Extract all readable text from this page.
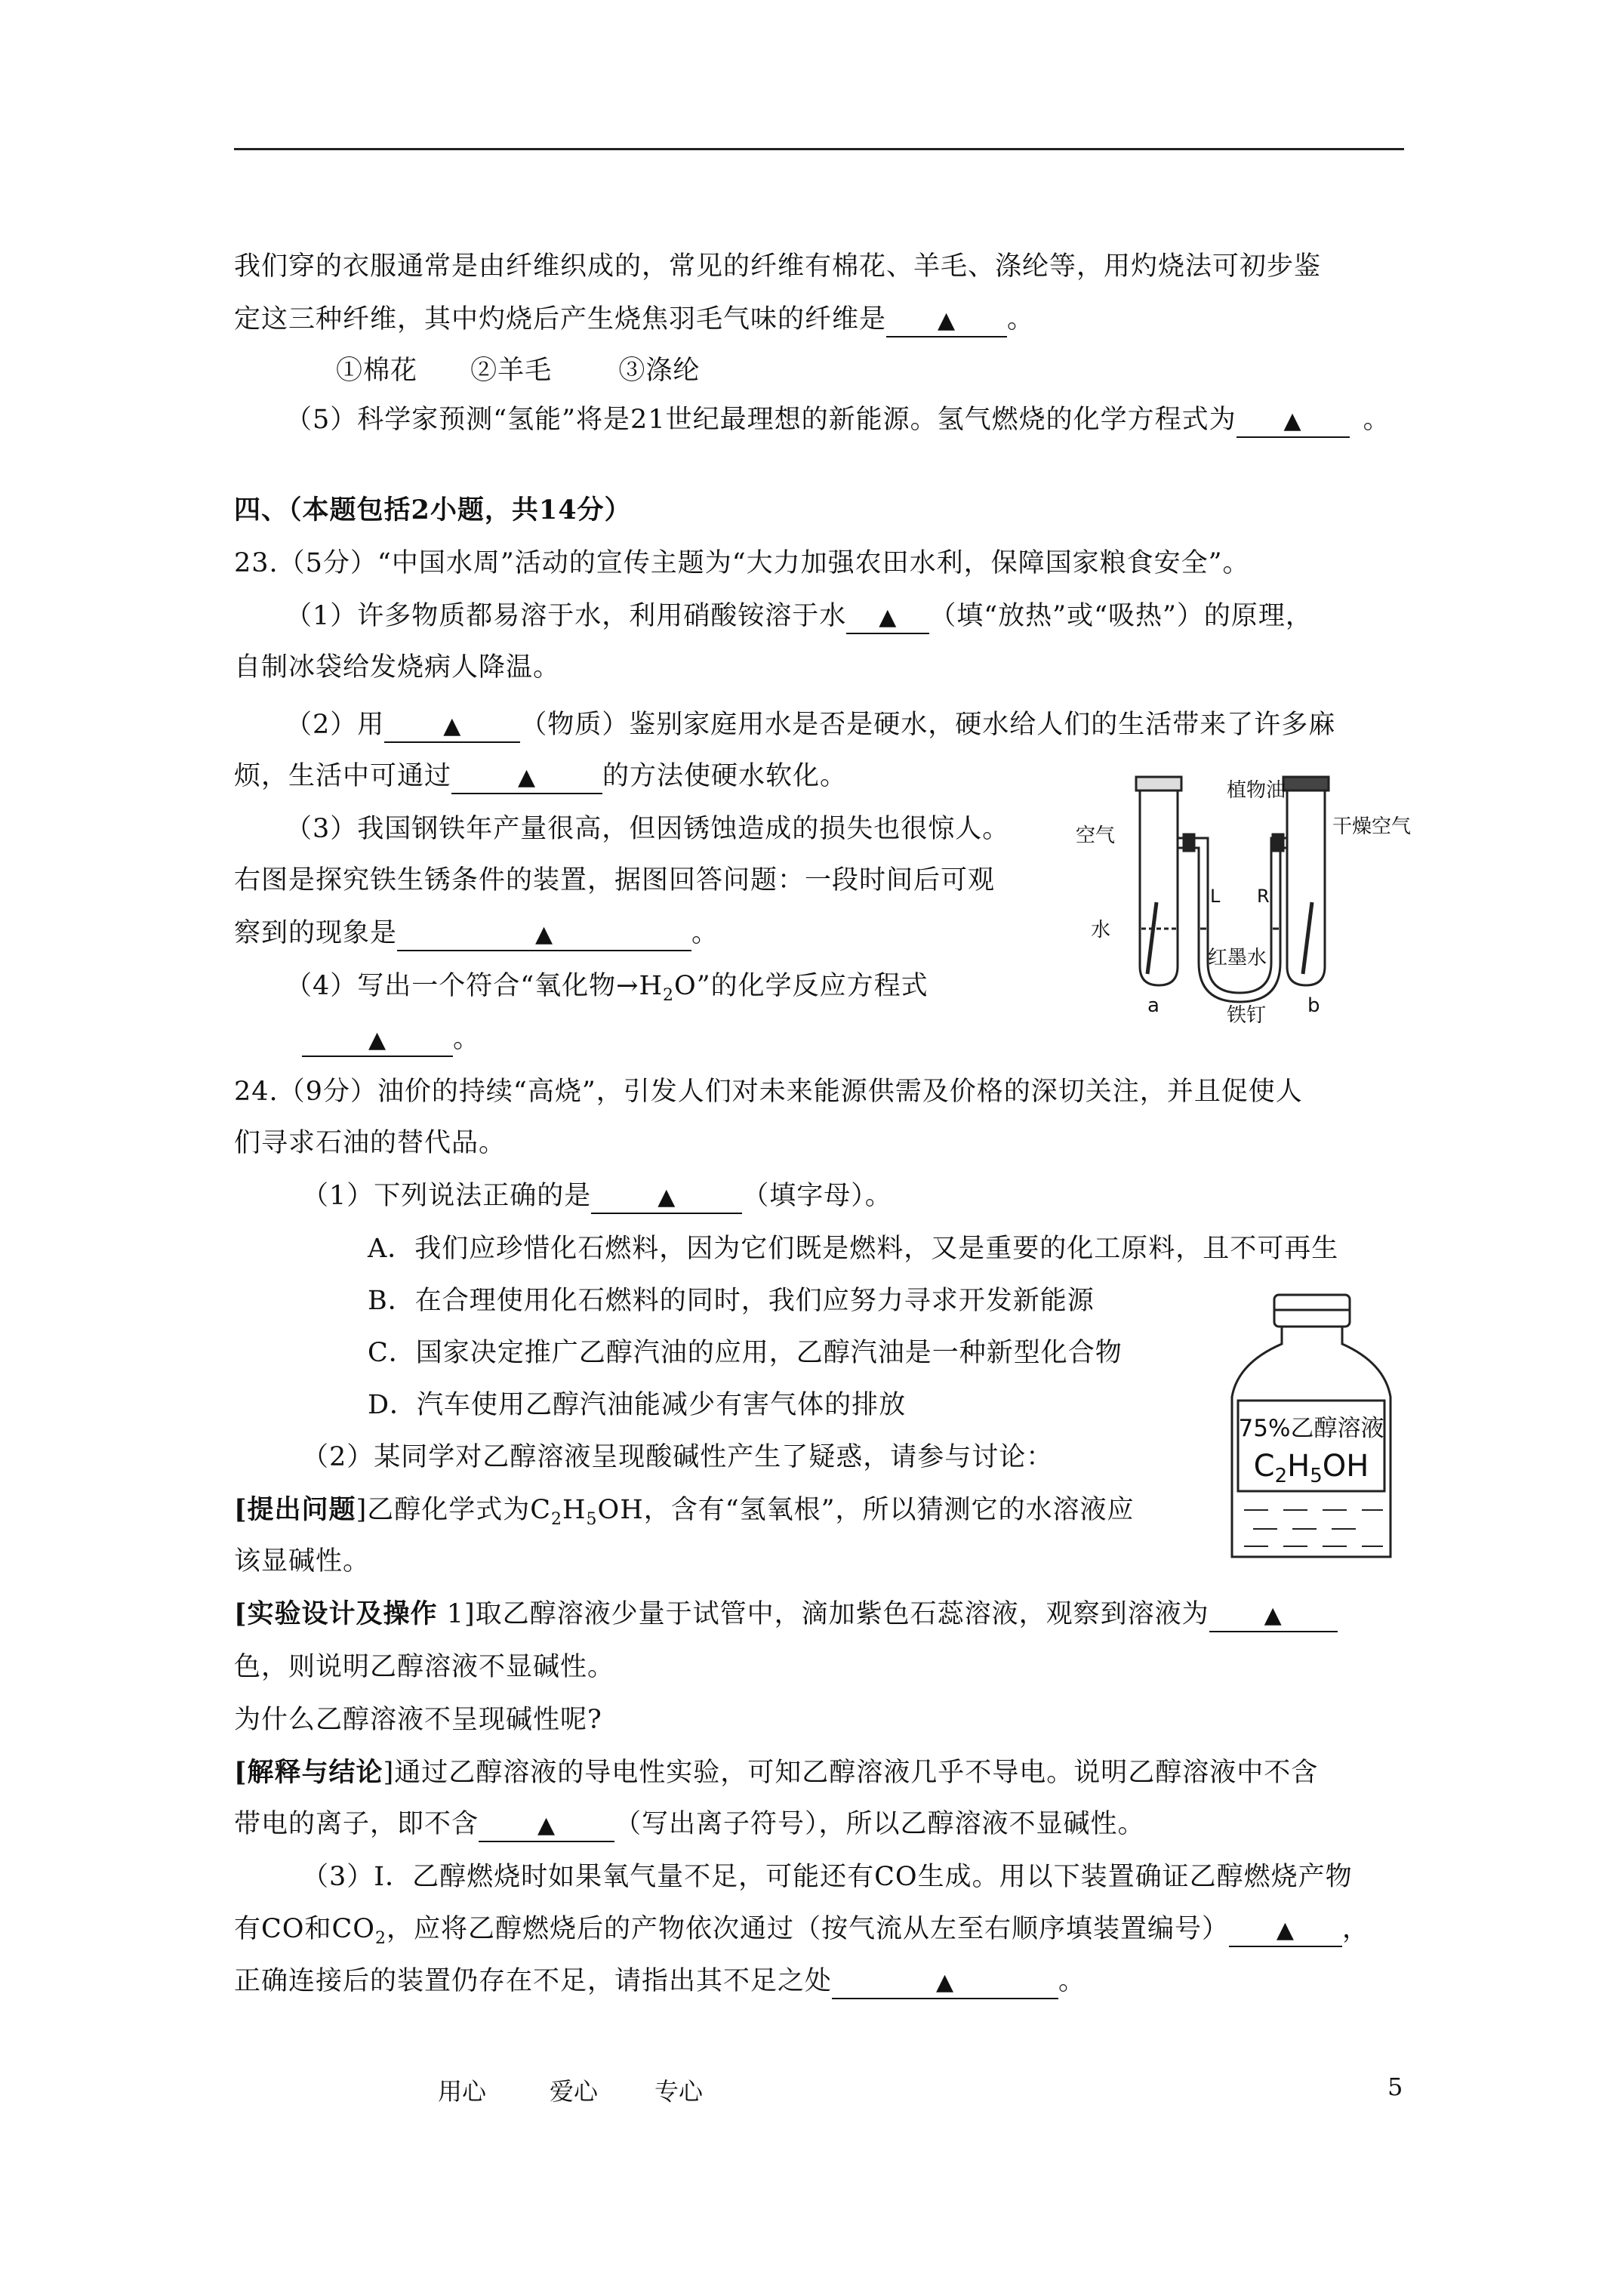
我们穿的衣服通常是由纤维织成的，常见的纤维有棉花、羊毛、涤纶等，用灼烧法可初步鉴
定这三种纤维，其中灼烧后产生烧焦羽毛气味的纤维是 ▲ 。
①棉花 ②羊毛	③涤纶
（5）科学家预测“氢能”将是21世纪最理想的新能源。氢气燃烧的化学方程式为 ▲ 。
四、（本题包括2小题，共14分）
23.（5分）“中国水周”活动的宣传主题为“大力加强农田水利，保障国家粮食安全”。
（1）许多物质都易溶于水，利用硝酸铵溶于水 ▲ （填“放热”或“吸热”）的原理，
自制冰袋给发烧病人降温。
（2）用	▲ （物质）鉴别家庭用水是否是硬水，硬水给人们的生活带来了许多麻
烦，生活中可通过	▲	的方法使硬水软化。
（3）我国钢铁年产量很高，但因锈蚀造成的损失也很惊人。
右图是探究铁生锈条件的装置，据图回答问题：一段时间后可观
察到的现象是	▲	。
（4）写出一个符合“氧化物$\to H_2O$”的化学反应方程式
▲	。
空气
水
植物油
L R
干燥空气
红墨水
a	b
铁钉
24.（9分）油价的持续“高烧”，引发人们对未来能源供需及价格的深切关注，并且促使人
们寻求石油的替代品。
（1）下列说法正确的是	▲	（填字母）。
A．我们应珍惜化石燃料，因为它们既是燃料，又是重要的化工原料，且不可再生
B．在合理使用化石燃料的同时，我们应努力寻求开发新能源
C．国家决定推广乙醇汽油的应用，乙醇汽油是一种新型化合物
D．汽车使用乙醇汽油能减少有害气体的排放
（2）某同学对乙醇溶液呈现酸碱性产生了疑惑，请参与讨论：
[提出问题]乙醇化学式为$C_2H_5OH$，含有“氢氧根”，所以猜测它的水溶液应
该显碱性。
[实验设计及操作 1]取乙醇溶液少量于试管中，滴加紫色石蕊溶液，观察到溶液为 ▲
色，则说明乙醇溶液不显碱性。
为什么乙醇溶液不呈现碱性呢?
[解释与结论]通过乙醇溶液的导电性实验，可知乙醇溶液几乎不导电。说明乙醇溶液中不含
带电的离子，即不含	▲ （写出离子符号），所以乙醇溶液不显碱性。
（3）I．乙醇燃烧时如果氧气量不足，可能还有CO生成。用以下装置确证乙醇燃烧产物
有CO和$CO_2$，应将乙醇燃烧后的产物依次通过（按气流从左至右顺序填装置编号） ▲ ，
正确连接后的装置仍存在不足，请指出其不足之处	▲	。
75%乙醇溶液
$C_2H_5OH$
用心	爱心 专心	5
